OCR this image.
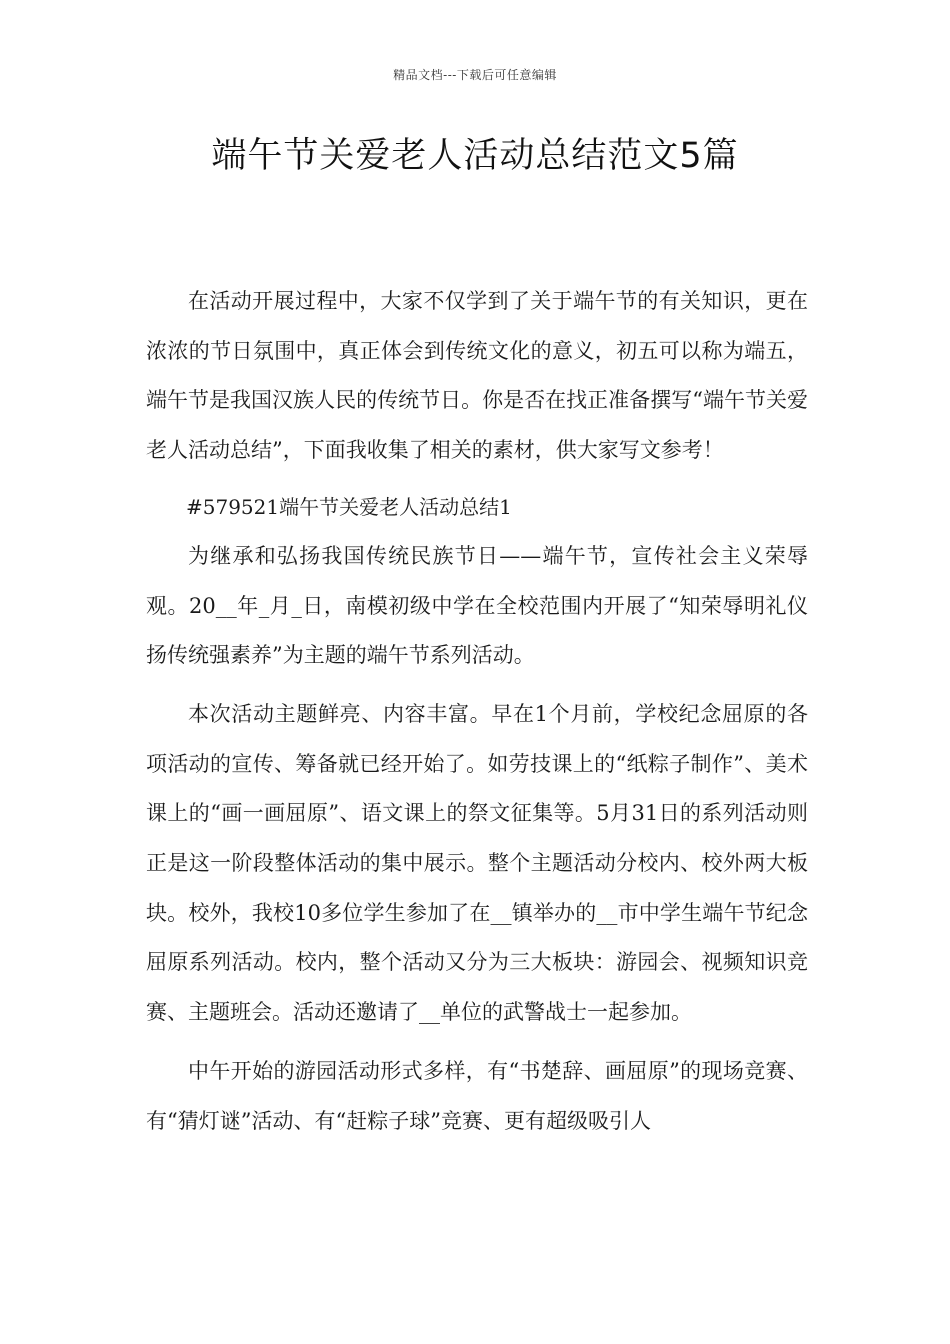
精品文档---下载后可任意编辑
端午节关爱老人活动总结范文5篇

在活动开展过程中，大家不仅学到了关于端午节的有关知识，更在浓浓的节日氛围中，真正体会到传统文化的意义，初五可以称为端五，端午节是我国汉族人民的传统节日。你是否在找正准备撰写“端午节关爱老人活动总结”，下面我收集了相关的素材，供大家写文参考！

#579521端午节关爱老人活动总结1

为继承和弘扬我国传统民族节日——端午节，宣传社会主义荣辱观。20__年_月_日，南模初级中学在全校范围内开展了“知荣辱明礼仪扬传统强素养”为主题的端午节系列活动。

本次活动主题鲜亮、内容丰富。早在1个月前，学校纪念屈原的各项活动的宣传、筹备就已经开始了。如劳技课上的“纸粽子制作”、美术课上的“画一画屈原”、语文课上的祭文征集等。5月31日的系列活动则正是这一阶段整体活动的集中展示。整个主题活动分校内、校外两大板块。校外，我校10多位学生参加了在__镇举办的__市中学生端午节纪念屈原系列活动。校内，整个活动又分为三大板块：游园会、视频知识竞赛、主题班会。活动还邀请了__单位的武警战士一起参加。

中午开始的游园活动形式多样，有“书楚辞、画屈原”的现场竞赛、有“猜灯谜”活动、有“赶粽子球”竞赛、更有超级吸引人
